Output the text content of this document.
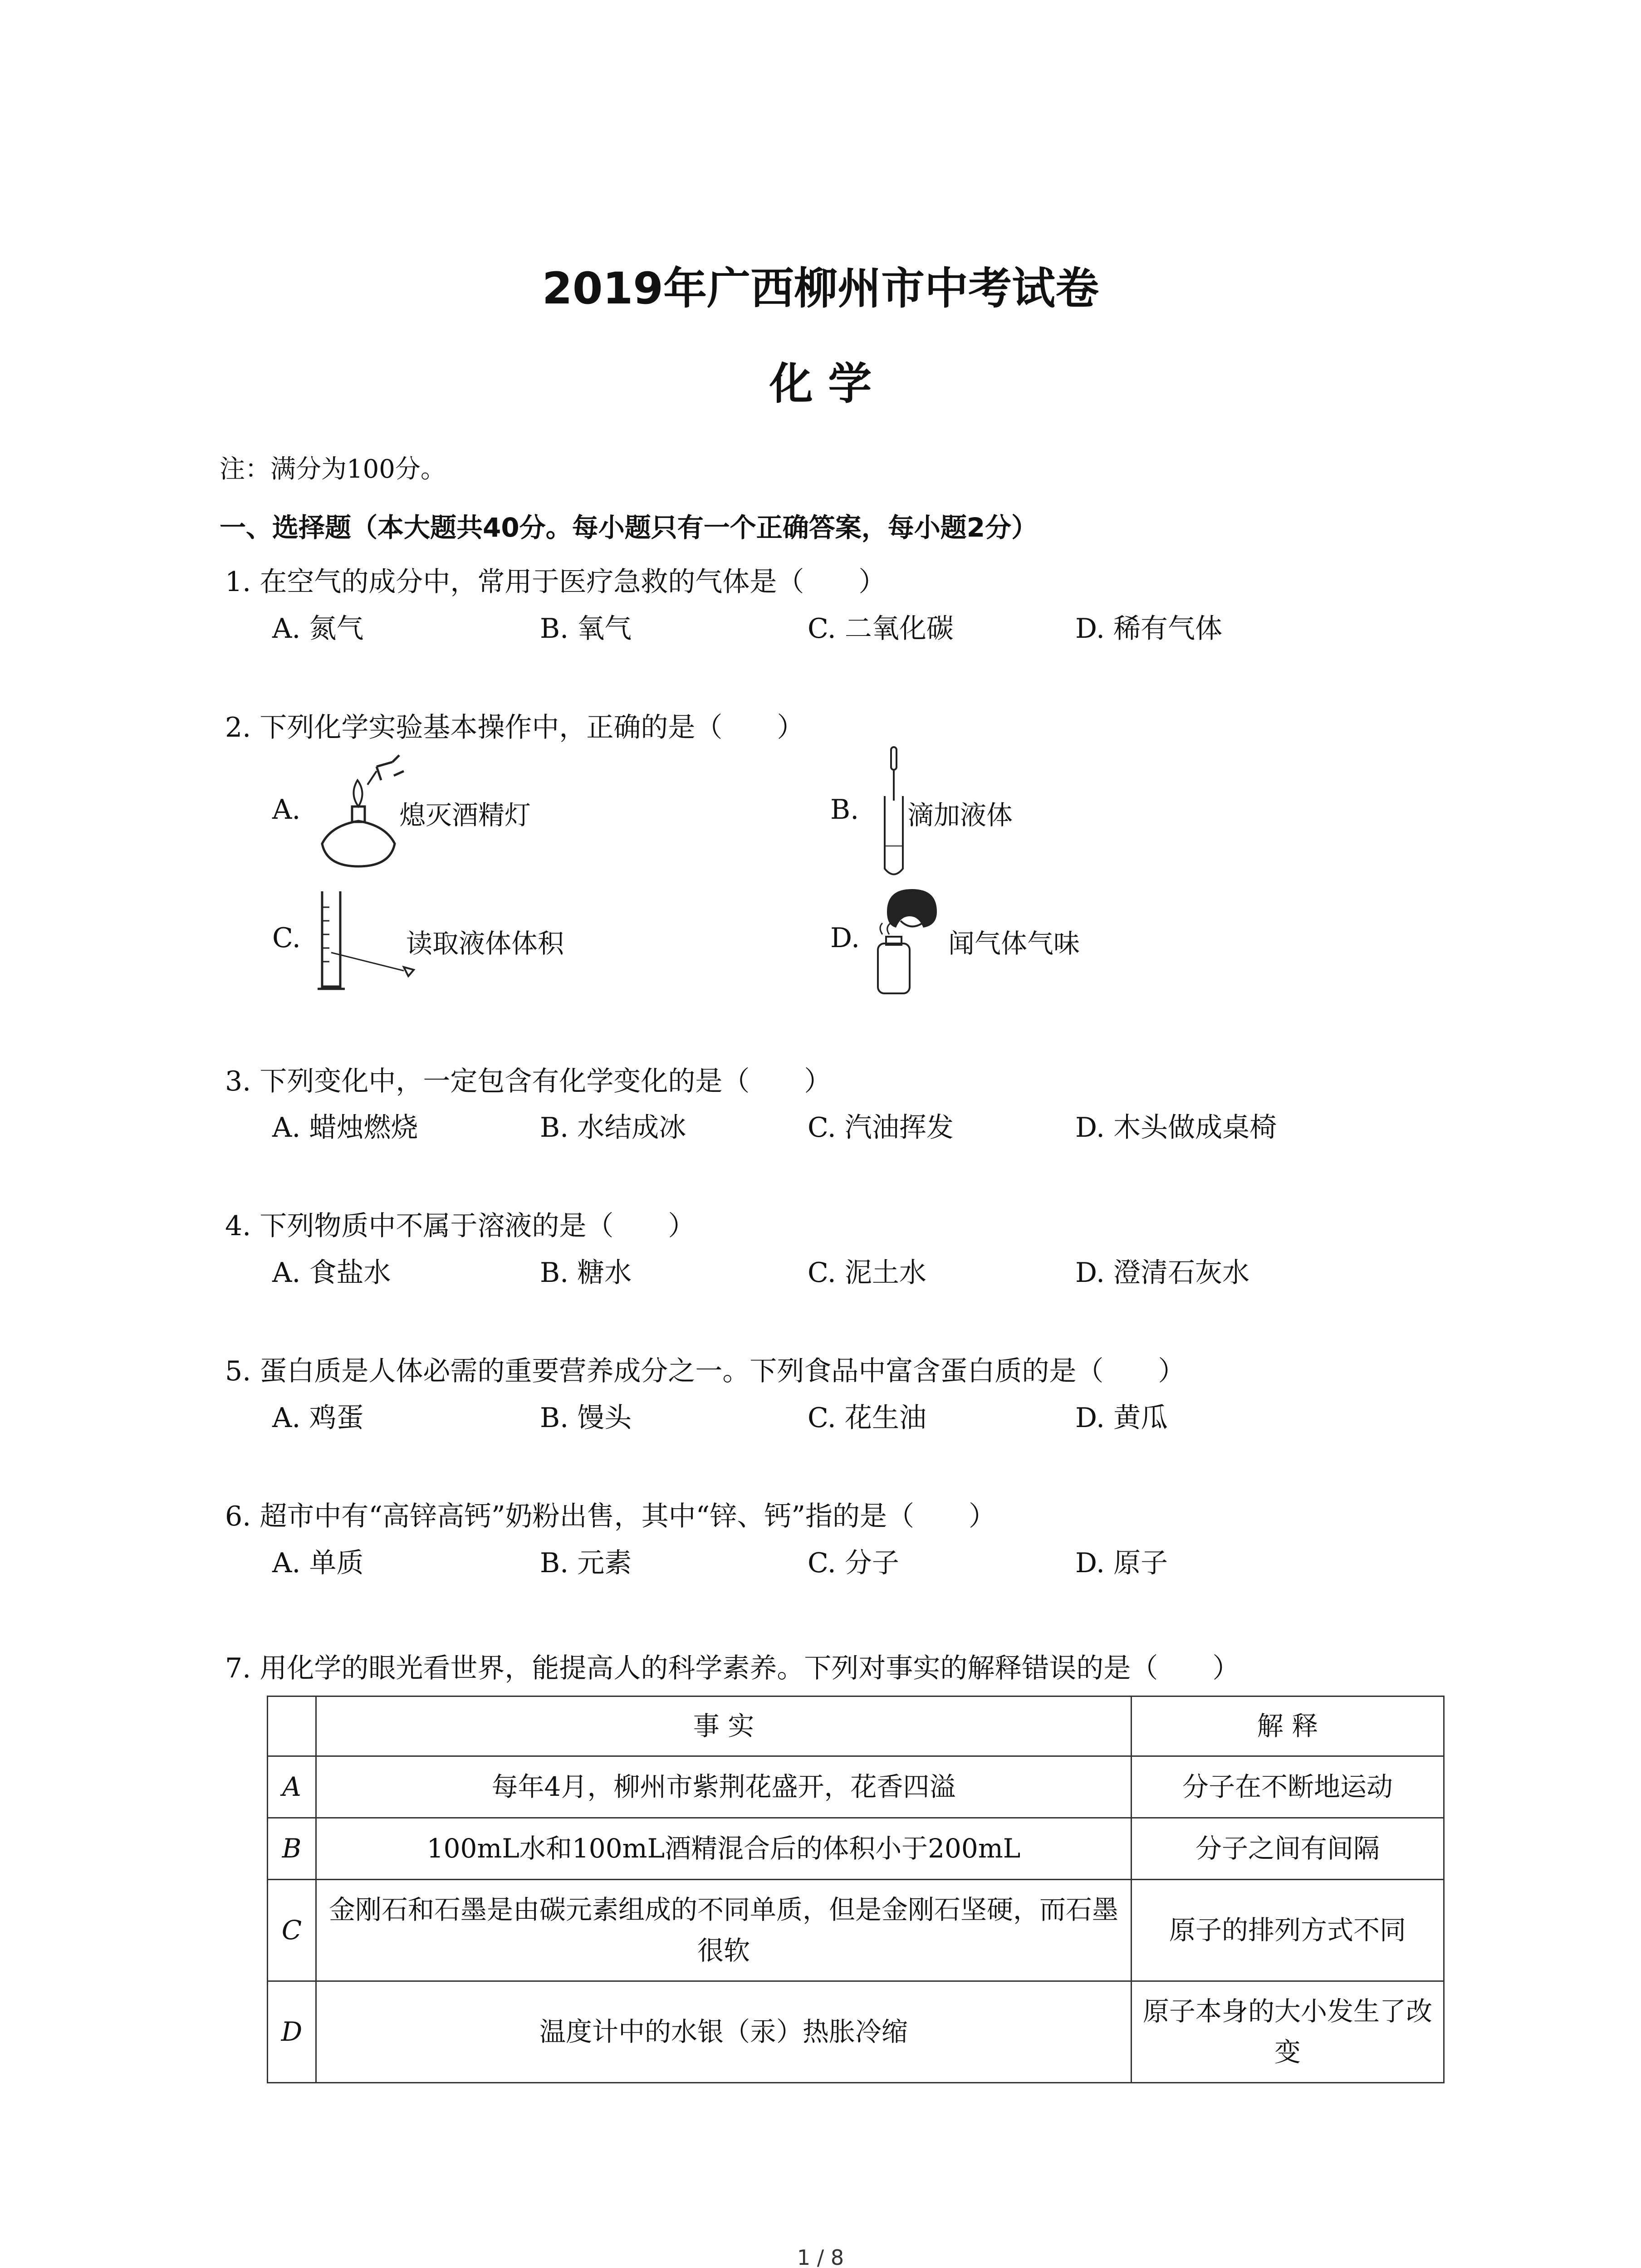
2019年广西柳州市中考试卷
化 学
注：满分为100分。
一、选择题（本大题共40分。每小题只有一个正确答案，每小题2分）
1. 在空气的成分中，常用于医疗急救的气体是（　　）
A. 氮气	B. 氧气	C. 二氧化碳	D. 稀有气体
2. 下列化学实验基本操作中，正确的是（　　）
A.	熄灭酒精灯	B. 滴加液体
C.	读取液体体积	D.	闻气体气味
3. 下列变化中，一定包含有化学变化的是（　　）
A. 蜡烛燃烧	B. 水结成冰	C. 汽油挥发	D. 木头做成桌椅
4. 下列物质中不属于溶液的是（　　）
A. 食盐水	B. 糖水	C. 泥土水	D. 澄清石灰水
5. 蛋白质是人体必需的重要营养成分之一。下列食品中富含蛋白质的是（　　）
A. 鸡蛋	B. 馒头	C. 花生油	D. 黄瓜
6. 超市中有“高锌高钙”奶粉出售，其中“锌、钙”指的是（　　）
A. 单质	B. 元素	C. 分子	D. 原子
7. 用化学的眼光看世界，能提高人的科学素养。下列对事实的解释错误的是（　　）
	事 实	解 释
A	每年4月，柳州市紫荆花盛开，花香四溢	分子在不断地运动
B	100mL水和100mL酒精混合后的体积小于200mL	分子之间有间隔
C	金刚石和石墨是由碳元素组成的不同单质，但是金刚石坚硬，而石墨很软	原子的排列方式不同
D	温度计中的水银（汞）热胀冷缩	原子本身的大小发生了改变
1 / 8
